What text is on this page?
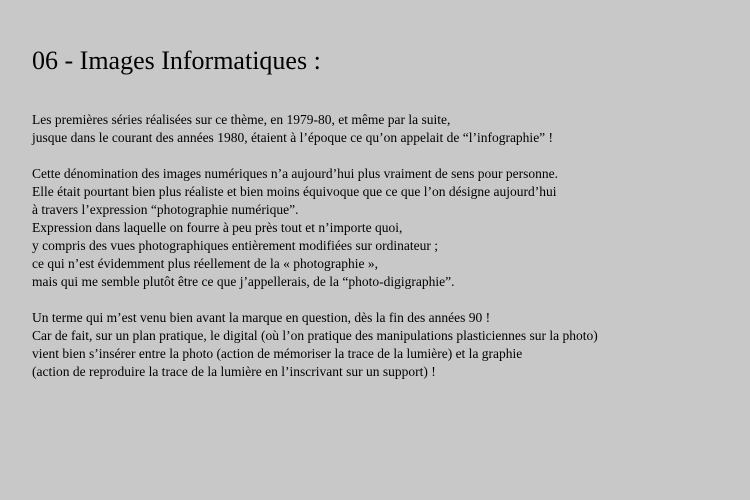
06 - Images Informatiques :

Les premières séries réalisées sur ce thème, en 1979-80, et même par la suite,
jusque dans le courant des années 1980, étaient à l’époque ce qu’on appelait de “l’infographie” !

Cette dénomination des images numériques n’a aujourd’hui plus vraiment de sens pour personne.
Elle était pourtant bien plus réaliste et bien moins équivoque que ce que l’on désigne aujourd’hui
à travers l’expression “photographie numérique”.
Expression dans laquelle on fourre à peu près tout et n’importe quoi,
y compris des vues photographiques entièrement modifiées sur ordinateur ;
ce qui n’est évidemment plus réellement de la « photographie »,
mais qui me semble plutôt être ce que j’appellerais, de la “photo-digigraphie”.

Un terme qui m’est venu bien avant la marque en question, dès la fin des années 90 !
Car de fait, sur un plan pratique, le digital (où l’on pratique des manipulations plasticiennes sur la photo)
vient bien s’insérer entre la photo (action de mémoriser la trace de la lumière) et la graphie
(action de reproduire la trace de la lumière en l’inscrivant sur un support) !
